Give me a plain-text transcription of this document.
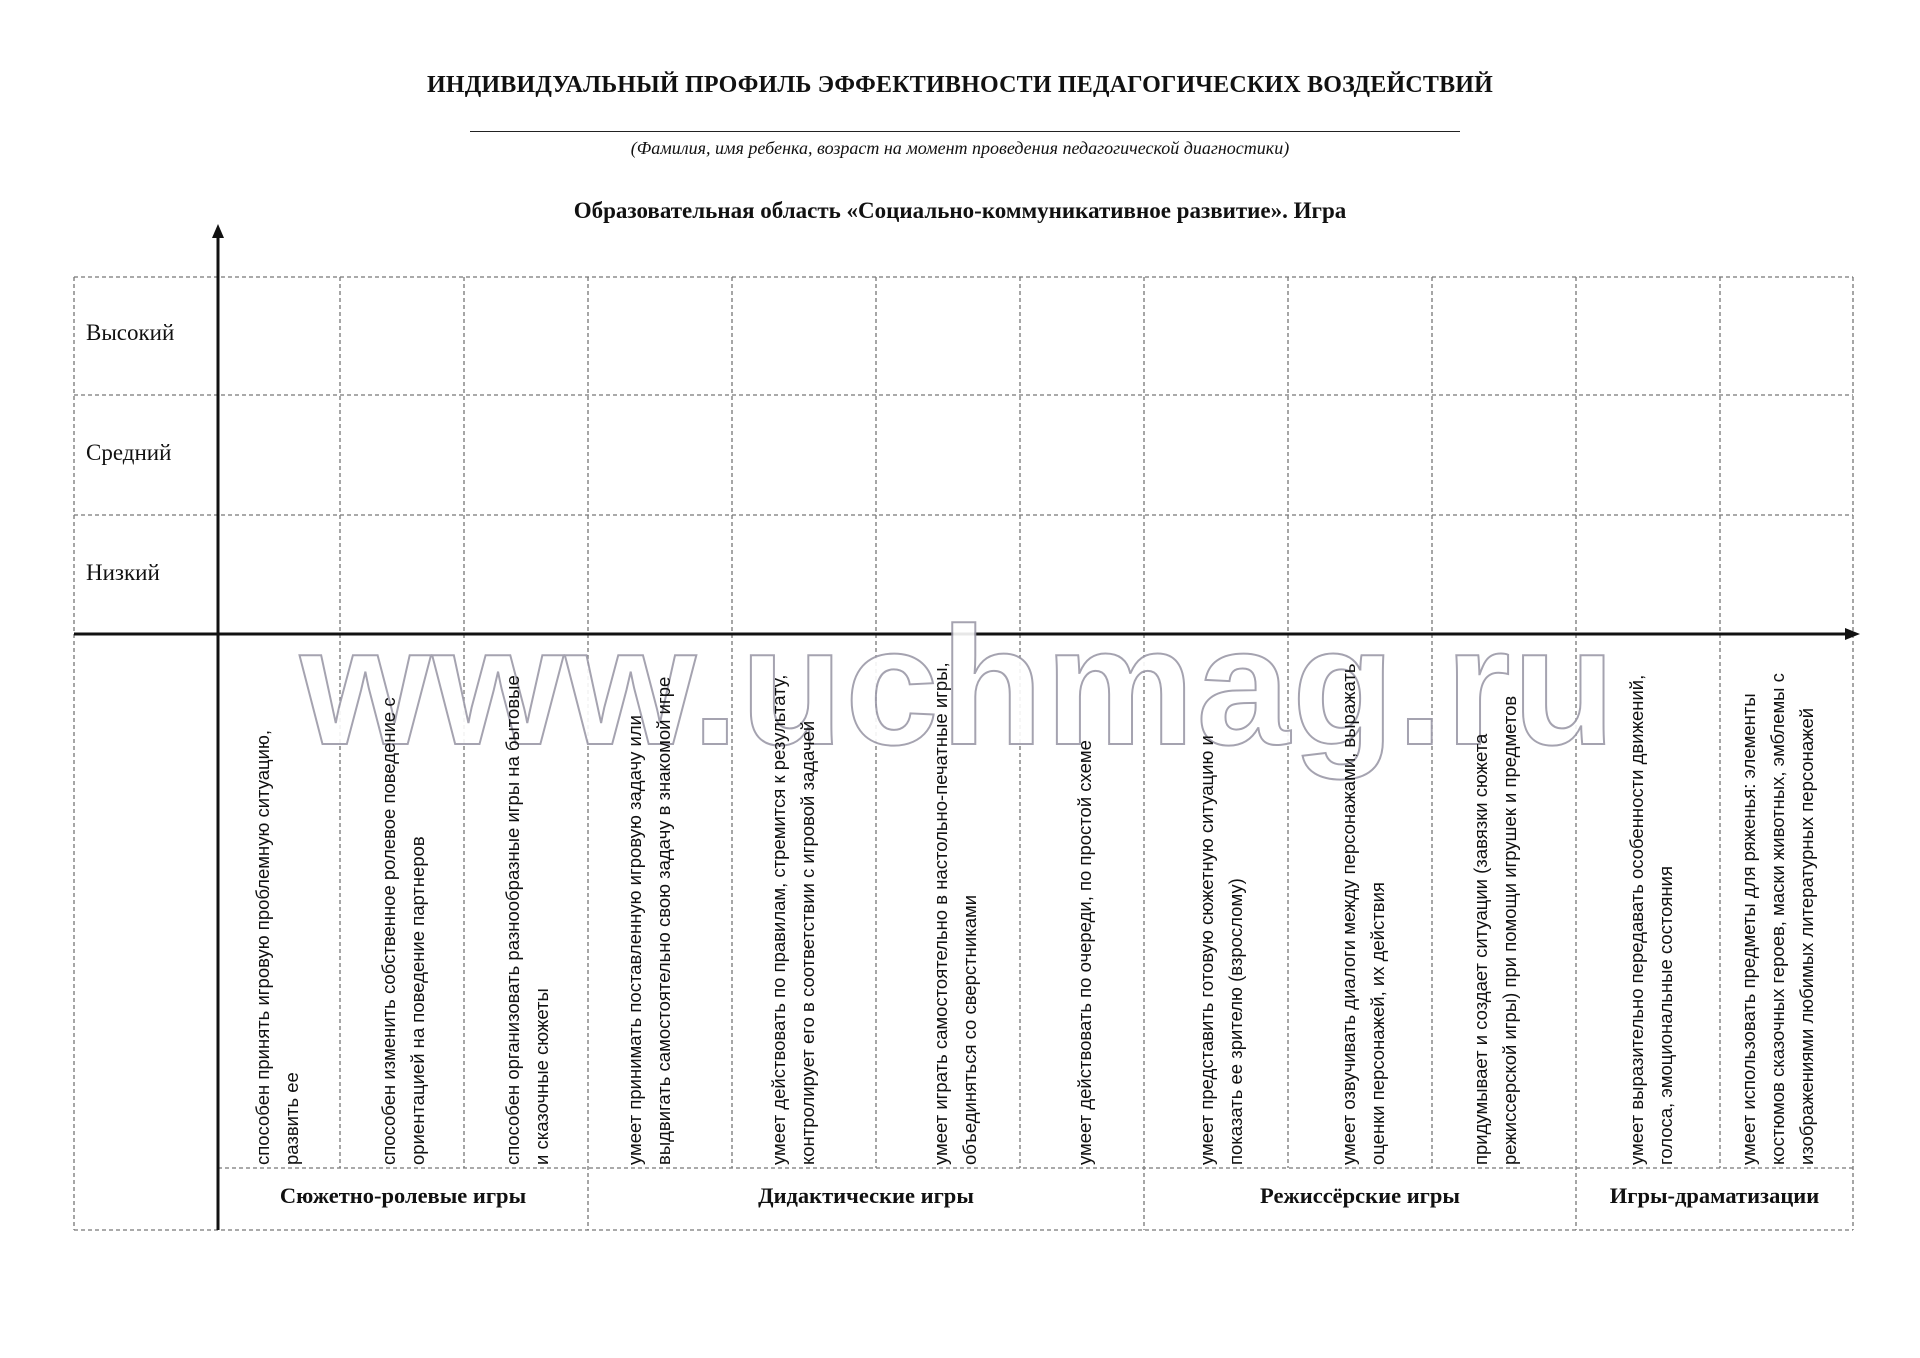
ИНДИВИДУАЛЬНЫЙ ПРОФИЛЬ ЭФФЕКТИВНОСТИ ПЕДАГОГИЧЕСКИХ ВОЗДЕЙСТВИЙ
(Фамилия, имя ребенка, возраст на момент проведения педагогической диагностики)
Образовательная область «Социально-коммуникативное развитие». Игра
Высокий
Средний
Низкий
www.uchmag.ru
способен принять игровую проблемную ситуацию, развить ее	способен изменить собственное ролевое поведение с ориентацией на поведение партнеров	способен организовать разнообразные игры на бытовые и сказочные сюжеты	умеет принимать поставленную игровую задачу или выдвигать самостоятельно свою задачу в знакомой игре	умеет действовать по правилам, стремится к результату, контролирует его в соответствии с игровой задачей	умеет играть самостоятельно в настольно-печатные игры, объединяться со сверстниками	умеет действовать по очереди, по простой схеме	умеет представить готовую сюжетную ситуацию и показать ее зрителю (взрослому)	умеет озвучивать диалоги между персонажами, выражать оценки персонажей, их действия	придумывает и создает ситуации (завязки сюжета режиссерской игры) при помощи игрушек и предметов	умеет выразительно передавать особенности движений, голоса, эмоциональные состояния	умеет использовать предметы для ряженья: элементы костюмов сказочных героев, маски животных, эмблемы с изображениями любимых литературных персонажей
Сюжетно-ролевые игры	Дидактические игры	Режиссёрские игры	Игры-драматизации
